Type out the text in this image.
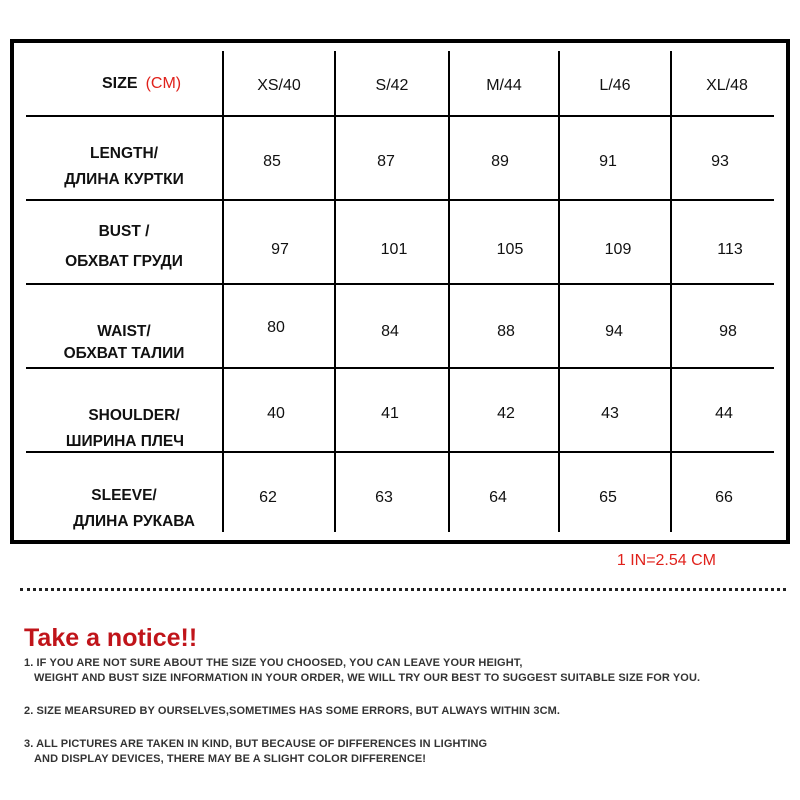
SIZE (CM)	XS/40	S/42	M/44	L/46	XL/48
LENGTH/
ДЛИНА КУРТКИ
85	87	89	91	93
BUST /
ОБХВАТ ГРУДИ
97	101	105	109	113
WAIST/
ОБХВАТ ТАЛИИ
80	84	88	94	98
SHOULDER/
ШИРИНА ПЛЕЧ
40	41	42	43	44
SLEEVE/
ДЛИНА РУКАВА
62	63	64	65	66
1 IN=2.54 CM
Take a notice!!
1. IF YOU ARE NOT SURE ABOUT THE SIZE YOU CHOOSED, YOU CAN LEAVE YOUR HEIGHT,
WEIGHT AND BUST SIZE INFORMATION IN YOUR ORDER, WE WILL TRY OUR BEST TO SUGGEST SUITABLE SIZE FOR YOU.
2. SIZE MEARSURED BY OURSELVES,SOMETIMES HAS SOME ERRORS, BUT ALWAYS WITHIN 3CM.
3. ALL PICTURES ARE TAKEN IN KIND, BUT BECAUSE OF DIFFERENCES IN LIGHTING
AND DISPLAY DEVICES, THERE MAY BE A SLIGHT COLOR DIFFERENCE!
